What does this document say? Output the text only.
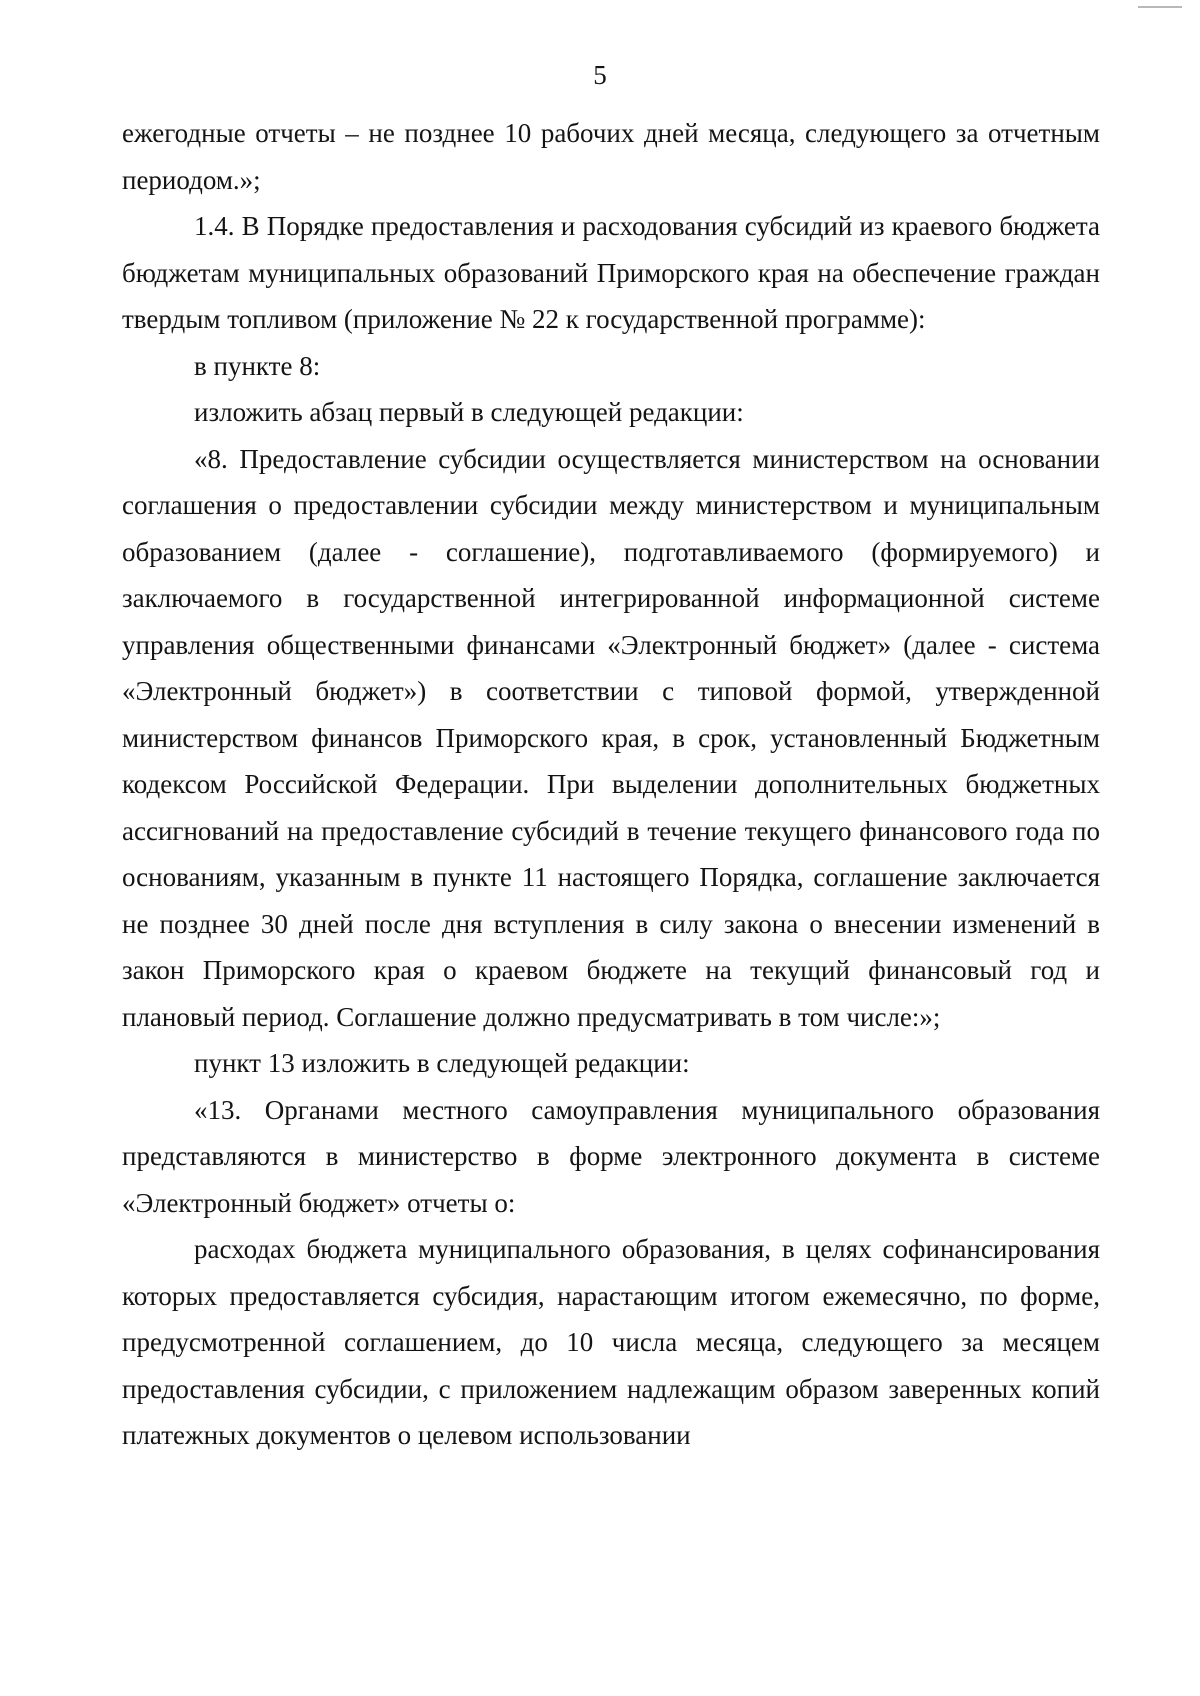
5

ежегодные отчеты – не позднее 10 рабочих дней месяца, следующего за отчетным периодом.»;

1.4. В Порядке предоставления и расходования субсидий из краевого бюджета бюджетам муниципальных образований Приморского края на обеспечение граждан твердым топливом (приложение № 22 к государственной программе):

в пункте 8:

изложить абзац первый в следующей редакции:

«8. Предоставление субсидии осуществляется министерством на основании соглашения о предоставлении субсидии между министерством и муниципальным образованием (далее - соглашение), подготавливаемого (формируемого) и заключаемого в государственной интегрированной информационной системе управления общественными финансами «Электронный бюджет» (далее - система «Электронный бюджет») в соответствии с типовой формой, утвержденной министерством финансов Приморского края, в срок, установленный Бюджетным кодексом Российской Федерации. При выделении дополнительных бюджетных ассигнований на предоставление субсидий в течение текущего финансового года по основаниям, указанным в пункте 11 настоящего Порядка, соглашение заключается не позднее 30 дней после дня вступления в силу закона о внесении изменений в закон Приморского края о краевом бюджете на текущий финансовый год и плановый период. Соглашение должно предусматривать в том числе:»;

пункт 13 изложить в следующей редакции:

«13. Органами местного самоуправления муниципального образования представляются в министерство в форме электронного документа в системе «Электронный бюджет» отчеты о:

расходах бюджета муниципального образования, в целях софинансирования которых предоставляется субсидия, нарастающим итогом ежемесячно, по форме, предусмотренной соглашением, до 10 числа месяца, следующего за месяцем предоставления субсидии, с приложением надлежащим образом заверенных копий платежных документов о целевом использовании
